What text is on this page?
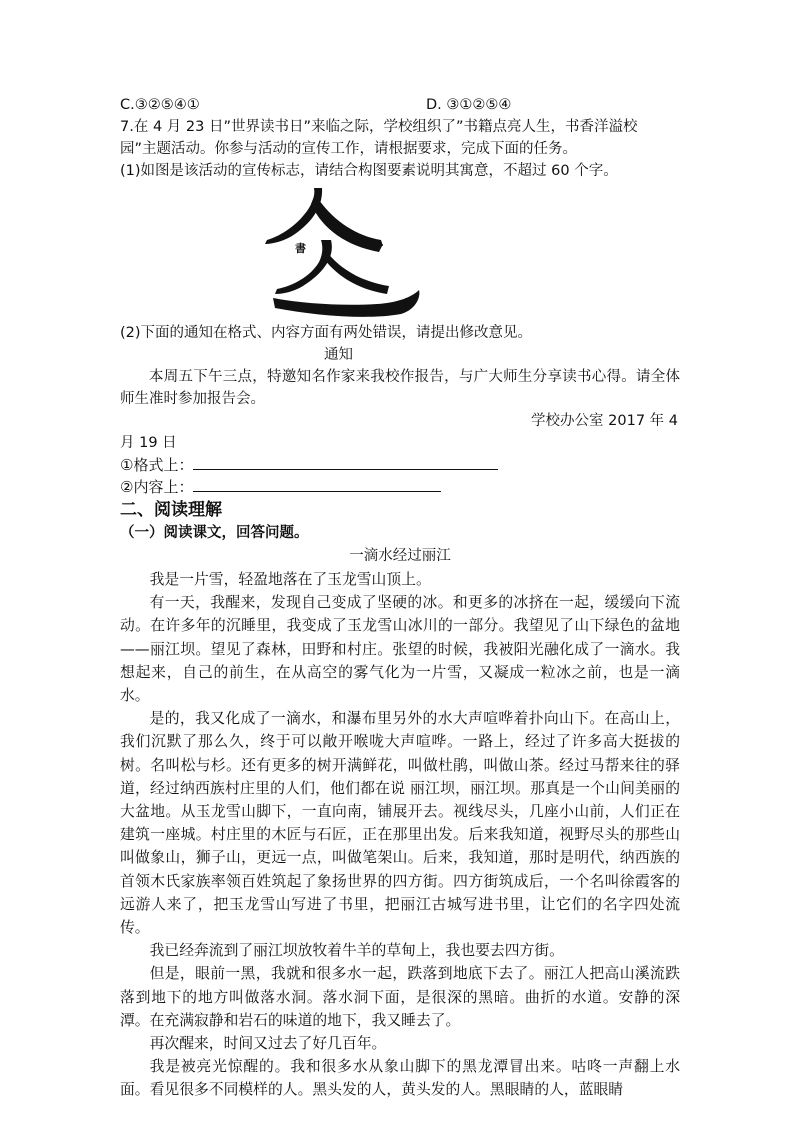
C.③②⑤④①	D. ③①②⑤④
7.在 4 月 23 日”世界读书日”来临之际，学校组织了”书籍点亮人生，书香洋溢校
园”主题活动。你参与活动的宣传工作，请根据要求，完成下面的任务。
(1)如图是该活动的宣传标志，请结合构图要素说明其寓意，不超过 60 个字。
書
(2)下面的通知在格式、内容方面有两处错误，请提出修改意见。
通知
本周五下午三点，特邀知名作家来我校作报告，与广大师生分享读书心得。请全体师生准时参加报告会。
学校办公室 2017 年 4
月 19 日
①格式上：
②内容上：
二、阅读理解
（一）阅读课文，回答问题。
一滴水经过丽江
我是一片雪，轻盈地落在了玉龙雪山顶上。
有一天，我醒来，发现自己变成了坚硬的冰。和更多的冰挤在一起，缓缓向下流动。在许多年的沉睡里，我变成了玉龙雪山冰川的一部分。我望见了山下绿色的盆地——丽江坝。望见了森林，田野和村庄。张望的时候，我被阳光融化成了一滴水。我想起来，自己的前生，在从高空的雾气化为一片雪，又凝成一粒冰之前，也是一滴水。
是的，我又化成了一滴水，和瀑布里另外的水大声喧哗着扑向山下。在高山上，我们沉默了那么久，终于可以敞开喉咙大声喧哗。一路上，经过了许多高大挺拔的树。名叫松与杉。还有更多的树开满鲜花，叫做杜鹃，叫做山茶。经过马帮来往的驿道，经过纳西族村庄里的人们，他们都在说 丽江坝，丽江坝。那真是一个山间美丽的大盆地。从玉龙雪山脚下，一直向南，铺展开去。视线尽头，几座小山前，人们正在建筑一座城。村庄里的木匠与石匠，正在那里出发。后来我知道，视野尽头的那些山叫做象山，狮子山，更远一点，叫做笔架山。后来，我知道，那时是明代，纳西族的首领木氏家族率领百姓筑起了象扬世界的四方街。四方街筑成后，一个名叫徐霞客的远游人来了，把玉龙雪山写进了书里，把丽江古城写进书里，让它们的名字四处流传。
我已经奔流到了丽江坝放牧着牛羊的草甸上，我也要去四方街。
但是，眼前一黑，我就和很多水一起，跌落到地底下去了。丽江人把高山溪流跌落到地下的地方叫做落水洞。落水洞下面，是很深的黑暗。曲折的水道。安静的深潭。在充满寂静和岩石的味道的地下，我又睡去了。
再次醒来，时间又过去了好几百年。
我是被亮光惊醒的。我和很多水从象山脚下的黑龙潭冒出来。咕咚一声翻上水面。看见很多不同模样的人。黑头发的人，黄头发的人。黑眼睛的人，蓝眼睛
